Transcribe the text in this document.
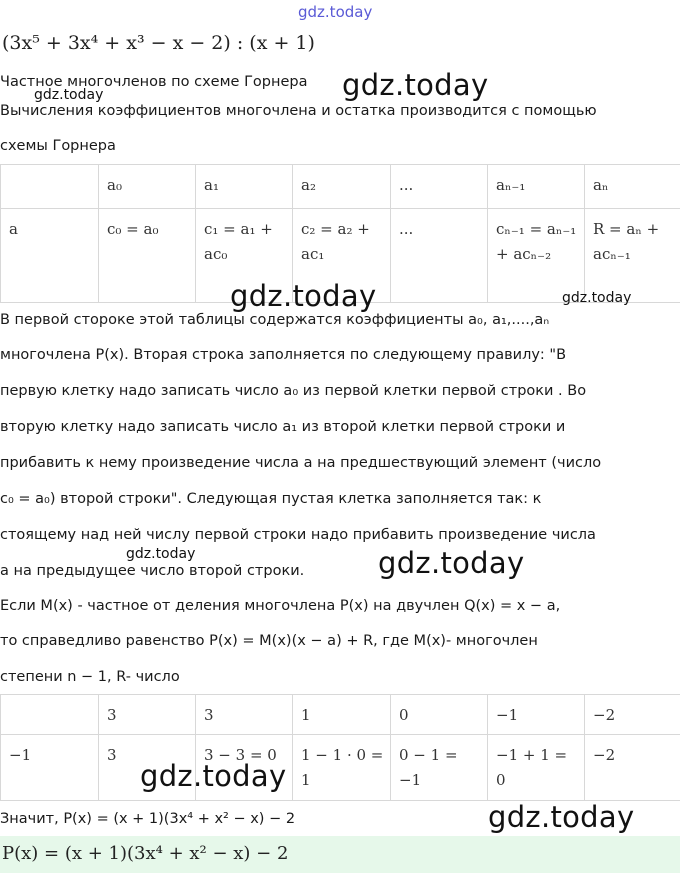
gdz.today
(3x⁵ + 3x⁴ + x³ − x − 2) : (x + 1)
Частное многочленов по схеме Горнера gdz.today
gdz.today
Вычисления коэффициентов многочлена и остатка производится с помощью
схемы Горнера
	a₀	a₁	a₂	...	aₙ₋₁	aₙ
a	c₀ = a₀	c₁ = a₁ + ac₀	c₂ = a₂ + ac₁	...	cₙ₋₁ = aₙ₋₁ + acₙ₋₂	R = aₙ + acₙ₋₁
gdz.today	gdz.today
В первой стороке этой таблицы содержатся коэффициенты a₀, a₁,....,aₙ
многочлена P(x). Вторая строка заполняется по следующему правилу: "В
первую клетку надо записать число a₀ из первой клетки первой строки . Во
вторую клетку надо записать число a₁ из второй клетки первой строки и
прибавить к нему произведение числа a на предшествующий элемент (число
c₀ = a₀) второй строки". Следующая пустая клетка заполняется так: к
стоящему над ней числу первой строки надо прибавить произведение числа
gdz.today
a на предыдущее число второй строки.	gdz.today
Если M(x) - частное от деления многочлена P(x) на двучлен Q(x) = x − a,
то справедливо равенство P(x) = M(x)(x − a) + R, где M(x)- многочлен
степени n − 1, R- число
	3	3	1	0	−1	−2
−1	3	3 − 3 = 0	1 − 1 · 0 = 1	0 − 1 = −1	−1 + 1 = 0	−2
gdz.today
Значит, P(x) = (x + 1)(3x⁴ + x² − x) − 2	gdz.today
P(x) = (x + 1)(3x⁴ + x² − x) − 2
